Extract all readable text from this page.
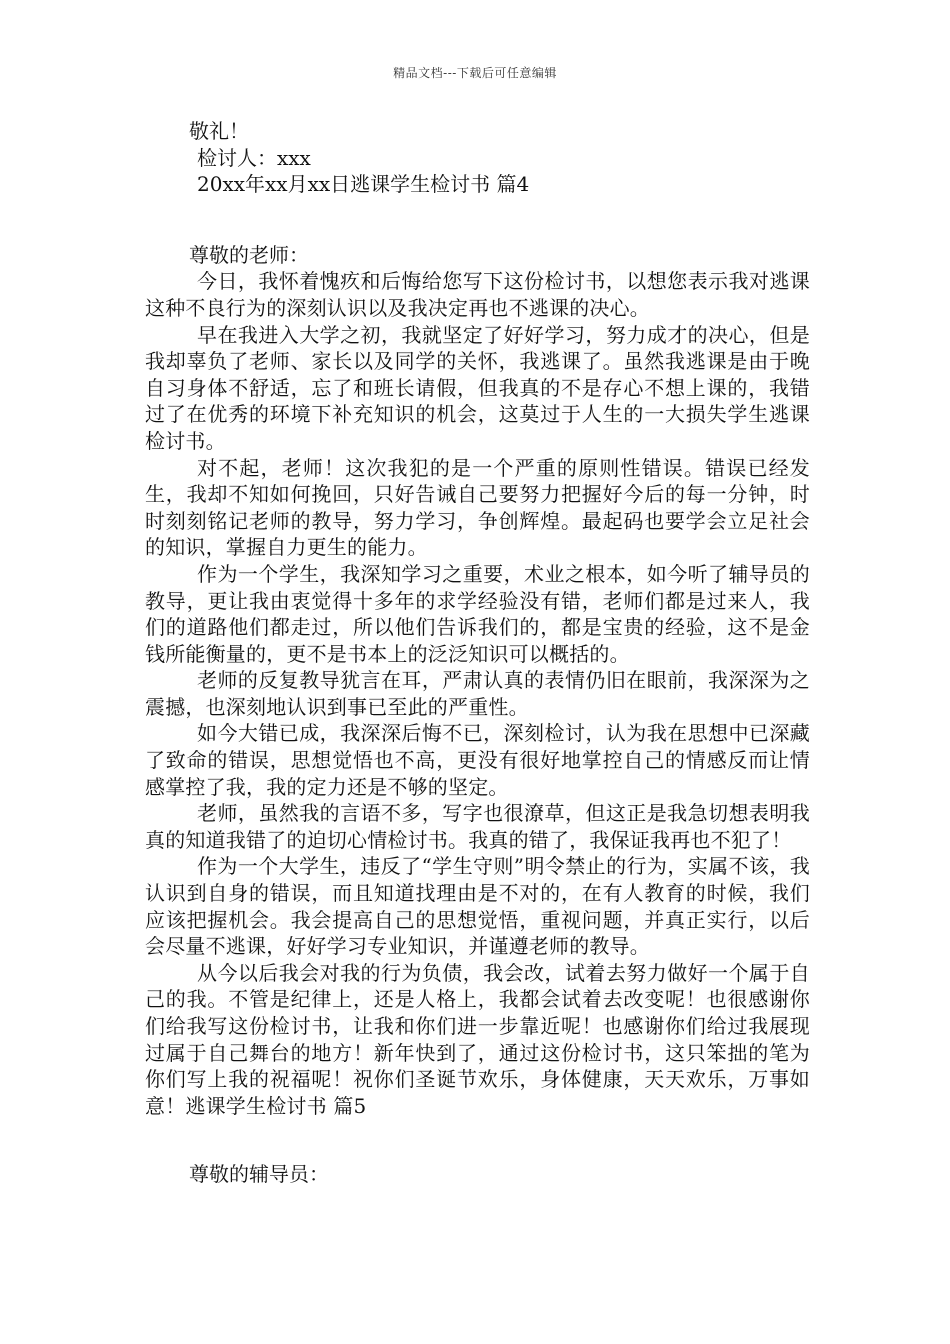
精品文档---下载后可任意编辑

敬礼！

检讨人：xxx

20xx年xx月xx日逃课学生检讨书 篇4

尊敬的老师：

今日，我怀着愧疚和后悔给您写下这份检讨书，以想您表示我对逃课这种不良行为的深刻认识以及我决定再也不逃课的决心。

早在我进入大学之初，我就坚定了好好学习，努力成才的决心，但是我却辜负了老师、家长以及同学的关怀，我逃课了。虽然我逃课是由于晚自习身体不舒适，忘了和班长请假，但我真的不是存心不想上课的，我错过了在优秀的环境下补充知识的机会，这莫过于人生的一大损失学生逃课检讨书。

对不起，老师！这次我犯的是一个严重的原则性错误。错误已经发生，我却不知如何挽回，只好告诫自己要努力把握好今后的每一分钟，时时刻刻铭记老师的教导，努力学习，争创辉煌。最起码也要学会立足社会的知识，掌握自力更生的能力。

作为一个学生，我深知学习之重要，术业之根本，如今听了辅导员的教导，更让我由衷觉得十多年的求学经验没有错，老师们都是过来人，我们的道路他们都走过，所以他们告诉我们的，都是宝贵的经验，这不是金钱所能衡量的，更不是书本上的泛泛知识可以概括的。

老师的反复教导犹言在耳，严肃认真的表情仍旧在眼前，我深深为之震撼，也深刻地认识到事已至此的严重性。

如今大错已成，我深深后悔不已，深刻检讨，认为我在思想中已深藏了致命的错误，思想觉悟也不高，更没有很好地掌控自己的情感反而让情感掌控了我，我的定力还是不够的坚定。

老师，虽然我的言语不多，写字也很潦草，但这正是我急切想表明我真的知道我错了的迫切心情检讨书。我真的错了，我保证我再也不犯了！

作为一个大学生，违反了“学生守则”明令禁止的行为，实属不该，我认识到自身的错误，而且知道找理由是不对的，在有人教育的时候，我们应该把握机会。我会提高自己的思想觉悟，重视问题，并真正实行，以后会尽量不逃课，好好学习专业知识，并谨遵老师的教导。

从今以后我会对我的行为负债，我会改，试着去努力做好一个属于自己的我。不管是纪律上，还是人格上，我都会试着去改变呢！也很感谢你们给我写这份检讨书，让我和你们进一步靠近呢！也感谢你们给过我展现过属于自己舞台的地方！新年快到了，通过这份检讨书，这只笨拙的笔为你们写上我的祝福呢！祝你们圣诞节欢乐，身体健康，天天欢乐，万事如意！逃课学生检讨书 篇5

尊敬的辅导员：
